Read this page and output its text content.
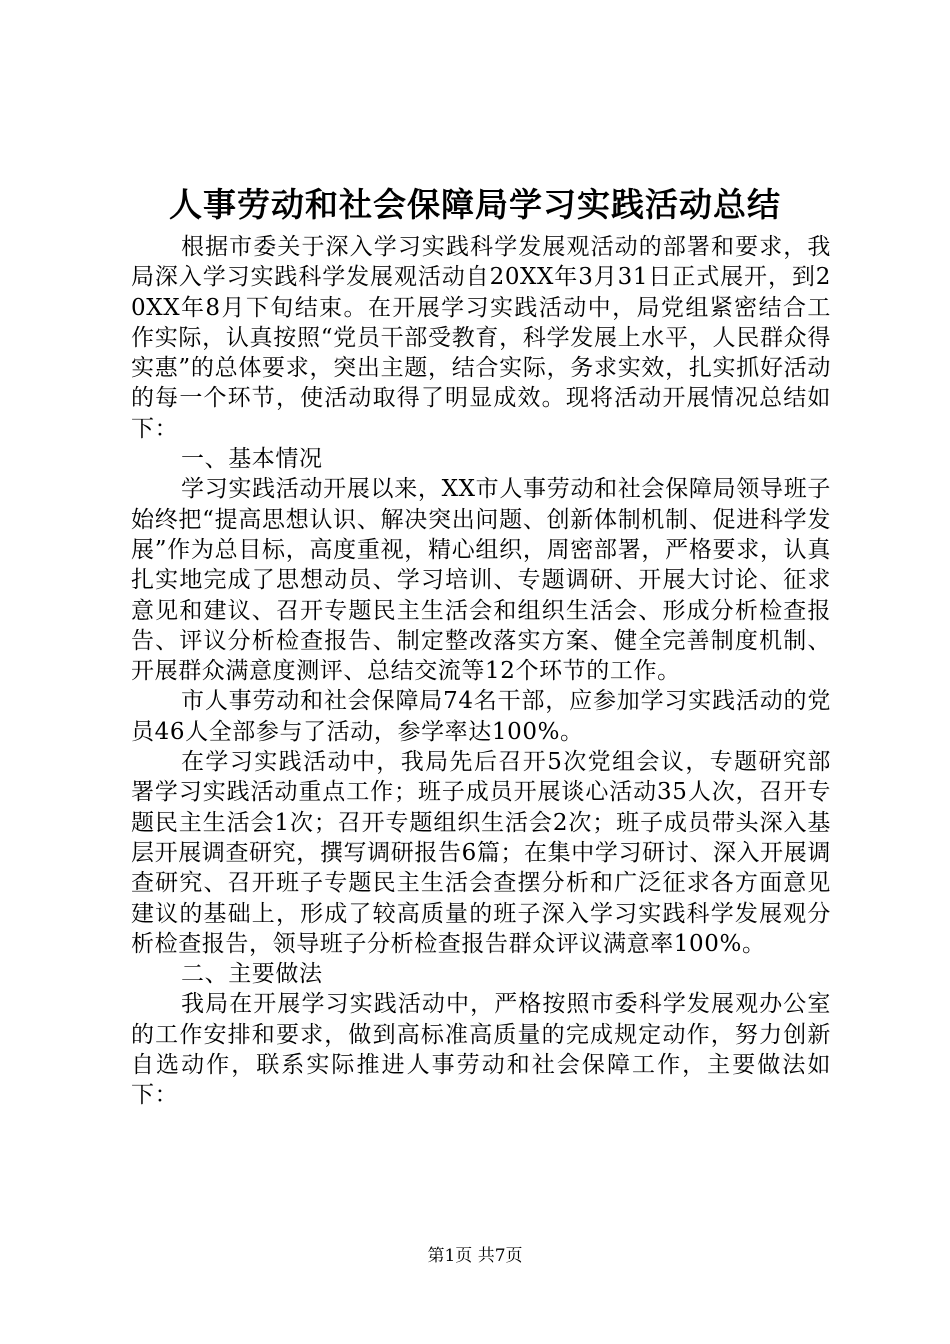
人事劳动和社会保障局学习实践活动总结

根据市委关于深入学习实践科学发展观活动的部署和要求，我局深入学习实践科学发展观活动自20XX年3月31日正式展开，到20XX年8月下旬结束。在开展学习实践活动中，局党组紧密结合工作实际，认真按照“党员干部受教育，科学发展上水平，人民群众得实惠”的总体要求，突出主题，结合实际，务求实效，扎实抓好活动的每一个环节，使活动取得了明显成效。现将活动开展情况总结如下：

一、基本情况

学习实践活动开展以来，XX市人事劳动和社会保障局领导班子始终把“提高思想认识、解决突出问题、创新体制机制、促进科学发展”作为总目标，高度重视，精心组织，周密部署，严格要求，认真扎实地完成了思想动员、学习培训、专题调研、开展大讨论、征求意见和建议、召开专题民主生活会和组织生活会、形成分析检查报告、评议分析检查报告、制定整改落实方案、健全完善制度机制、开展群众满意度测评、总结交流等12个环节的工作。

市人事劳动和社会保障局74名干部，应参加学习实践活动的党员46人全部参与了活动，参学率达100%。

在学习实践活动中，我局先后召开5次党组会议，专题研究部署学习实践活动重点工作；班子成员开展谈心活动35人次，召开专题民主生活会1次；召开专题组织生活会2次；班子成员带头深入基层开展调查研究，撰写调研报告6篇；在集中学习研讨、深入开展调查研究、召开班子专题民主生活会查摆分析和广泛征求各方面意见建议的基础上，形成了较高质量的班子深入学习实践科学发展观分析检查报告，领导班子分析检查报告群众评议满意率100%。

二、主要做法

我局在开展学习实践活动中，严格按照市委科学发展观办公室的工作安排和要求，做到高标准高质量的完成规定动作，努力创新自选动作，联系实际推进人事劳动和社会保障工作，主要做法如下：

第1页 共7页
